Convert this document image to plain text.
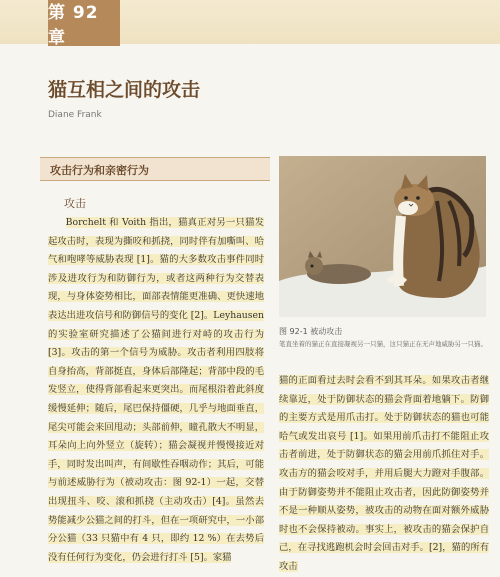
第 92 章
猫互相之间的攻击
Diane Frank
攻击行为和亲密行为
攻击
Borchelt 和 Voith 指出，猫真正对另一只猫发起攻击时，表现为撕咬和抓挠，同时伴有加嘶叫、哈气和咆哮等威胁表现 [1]。猫的大多数攻击事件同时涉及进攻行为和防御行为，或者这两种行为交替表现，与身体姿势相比，面部表情能更准确、更快速地表达出进攻信号和防御信号的变化 [2]。Leyhausen 的实验室研究描述了公猫间进行对峙的攻击行为 [3]。攻击的第一个信号为威胁。攻击者利用四肢将自身抬高，背部挺直，身体后部隆起；背部中段的毛发竖立，使得背部看起来更突出。而尾根沿着此斜度缓慢延伸；随后，尾巴保持僵硬，几乎与地面垂直，尾尖可能会来回甩动；头部前伸，瞳孔散大不明显，耳朵向上向外竖立（旋转）；猫会凝视并慢慢接近对手，同时发出叫声，有间歇性吞咽动作；其后，可能与前述威胁行为（被动攻击：图 92-1）一起，交替出现扭斗、咬、滚和抓挠（主动攻击）[4]。虽然去势能减少公猫之间的打斗，但在一项研究中，一小部分公猫（33 只猫中有 4 只，即约 12 %）在去势后没有任何行为变化，仍会进行打斗 [5]。家猫
图 92-1 被动攻击
笔直坐着的猫正在直接凝视另一只猫，这只猫正在无声地威胁另一只猫。
猫的正面看过去时会看不到其耳朵。如果攻击者继续靠近，处于防御状态的猫会背面着地躺下。防御的主要方式是用爪击打。处于防御状态的猫也可能哈气或发出哀号 [1]。如果用前爪击打不能阻止攻击者前进，处于防御状态的猫会用前爪抓住对手。攻击方的猫会咬对手，并用后腿大力蹬对手腹部。由于防御姿势并不能阻止攻击者，因此防御姿势并不是一种顺从姿势，被攻击的动物在面对额外威胁时也不会保持被动。事实上，被攻击的猫会保护自己，在寻找逃跑机会时会回击对手。[2]，猫的所有攻击
